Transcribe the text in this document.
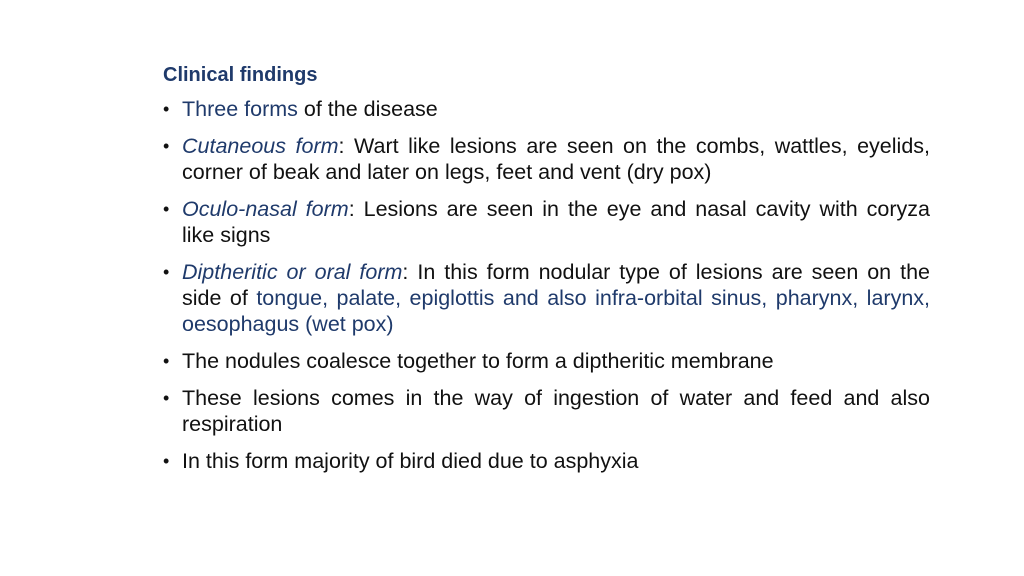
Clinical findings
• Three forms of the disease
• Cutaneous form: Wart like lesions are seen on the combs, wattles, eyelids, corner of beak and later on legs, feet and vent (dry pox)
• Oculo-nasal form: Lesions are seen in the eye and nasal cavity with coryza like signs
• Diptheritic or oral form: In this form nodular type of lesions are seen on the side of tongue, palate, epiglottis and also infra-orbital sinus, pharynx, larynx, oesophagus (wet pox)
• The nodules coalesce together to form a diptheritic membrane
• These lesions comes in the way of ingestion of water and feed and also respiration
• In this form majority of bird died due to asphyxia
